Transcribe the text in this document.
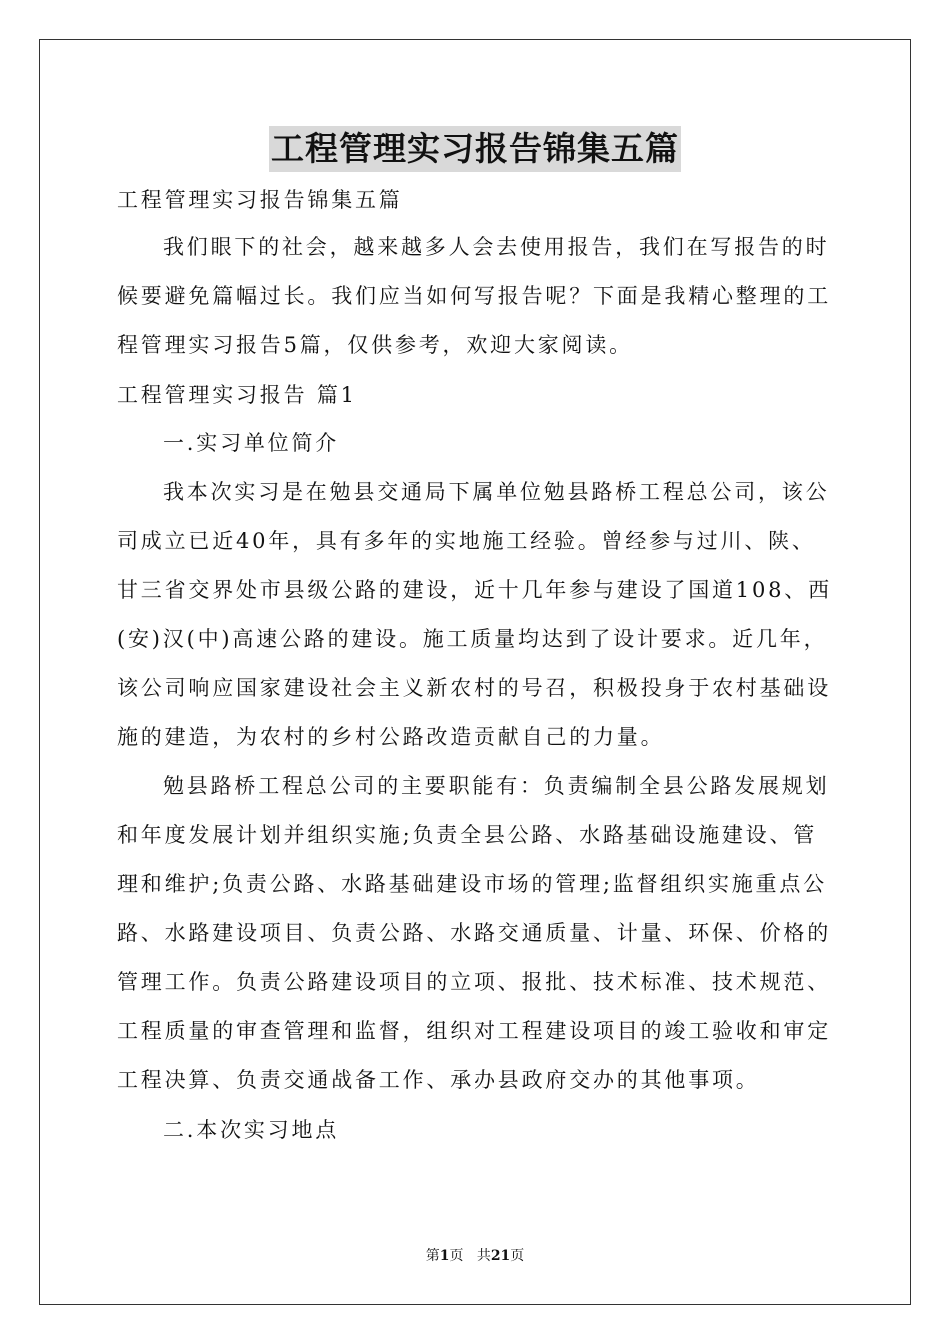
工程管理实习报告锦集五篇
工程管理实习报告锦集五篇
我们眼下的社会，越来越多人会去使用报告，我们在写报告的时
候要避免篇幅过长。我们应当如何写报告呢？下面是我精心整理的工
程管理实习报告5篇，仅供参考，欢迎大家阅读。
工程管理实习报告 篇1
一.实习单位简介
我本次实习是在勉县交通局下属单位勉县路桥工程总公司，该公
司成立已近40年，具有多年的实地施工经验。曾经参与过川、陕、
甘三省交界处市县级公路的建设，近十几年参与建设了国道108、西
(安)汉(中)高速公路的建设。施工质量均达到了设计要求。近几年，
该公司响应国家建设社会主义新农村的号召，积极投身于农村基础设
施的建造，为农村的乡村公路改造贡献自己的力量。
勉县路桥工程总公司的主要职能有：负责编制全县公路发展规划
和年度发展计划并组织实施;负责全县公路、水路基础设施建设、管
理和维护;负责公路、水路基础建设市场的管理;监督组织实施重点公
路、水路建设项目、负责公路、水路交通质量、计量、环保、价格的
管理工作。负责公路建设项目的立项、报批、技术标准、技术规范、
工程质量的审查管理和监督，组织对工程建设项目的竣工验收和审定
工程决算、负责交通战备工作、承办县政府交办的其他事项。
二.本次实习地点
第1页 共21页
